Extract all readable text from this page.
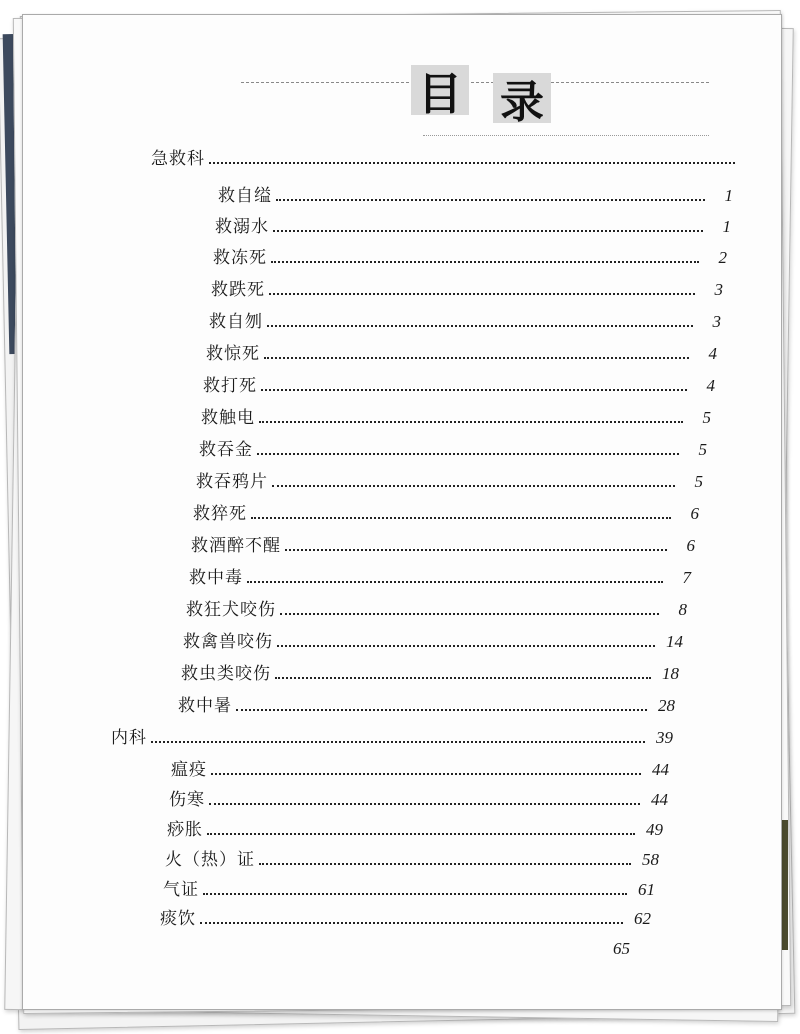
目 录
急救科
救自缢	1
救溺水	1
救冻死	2
救跌死	3
救自刎	3
救惊死	4
救打死	4
救触电	5
救吞金	5
救吞鸦片	5
救猝死	6
救酒醉不醒	6
救中毒	7
救狂犬咬伤	8
救禽兽咬伤	14
救虫类咬伤	18
救中暑	28
内科	39
瘟疫	44
伤寒	44
痧胀	49
火（热）证	58
气证	61
痰饮	62
65
